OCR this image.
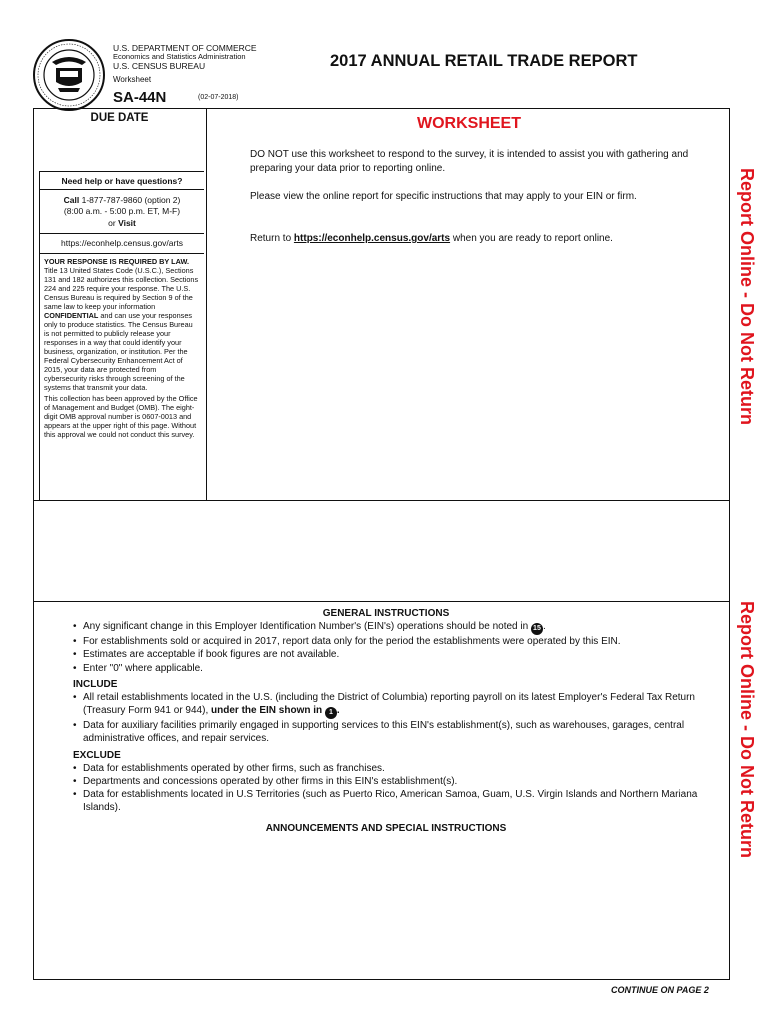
U.S. DEPARTMENT OF COMMERCE
Economics and Statistics Administration
U.S. CENSUS BUREAU
Worksheet
SA-44N	(02-07-2018)
2017 ANNUAL RETAIL TRADE REPORT
DUE DATE
Need help or have questions?
Call 1-877-787-9860 (option 2)
(8:00 a.m. - 5:00 p.m. ET, M-F)
or Visit
https://econhelp.census.gov/arts

YOUR RESPONSE IS REQUIRED BY LAW. Title 13 United States Code (U.S.C.), Sections 131 and 182 authorizes this collection. Sections 224 and 225 require your response. The U.S. Census Bureau is required by Section 9 of the same law to keep your information CONFIDENTIAL and can use your responses only to produce statistics. The Census Bureau is not permitted to publicly release your responses in a way that could identify your business, organization, or institution. Per the Federal Cybersecurity Enhancement Act of 2015, your data are protected from cybersecurity risks through screening of the systems that transmit your data.

This collection has been approved by the Office of Management and Budget (OMB). The eight-digit OMB approval number is 0607-0013 and appears at the upper right of this page. Without this approval we could not conduct this survey.

WORKSHEET
DO NOT use this worksheet to respond to the survey, it is intended to assist you with gathering and preparing your data prior to reporting online.
Please view the online report for specific instructions that may apply to your EIN or firm.
Return to https://econhelp.census.gov/arts when you are ready to report online.	Report Online - Do Not Return
Report Online - Do Not Return
GENERAL INSTRUCTIONS
• Any significant change in this Employer Identification Number's (EIN's) operations should be noted in 15 .
• For establishments sold or acquired in 2017, report data only for the period the establishments were operated by this EIN.
• Estimates are acceptable if book figures are not available.
• Enter "0" where applicable.
INCLUDE
• All retail establishments located in the U.S. (including the District of Columbia) reporting payroll on its latest Employer's Federal Tax Return (Treasury Form 941 or 944), under the EIN shown in 1 .
• Data for auxiliary facilities primarily engaged in supporting services to this EIN's establishment(s), such as warehouses, garages, central administrative offices, and repair services.
EXCLUDE
• Data for establishments operated by other firms, such as franchises.
• Departments and concessions operated by other firms in this EIN's establishment(s).
• Data for establishments located in U.S Territories (such as Puerto Rico, American Samoa, Guam, U.S. Virgin Islands and Northern Mariana Islands).
ANNOUNCEMENTS AND SPECIAL INSTRUCTIONS
CONTINUE ON PAGE 2
